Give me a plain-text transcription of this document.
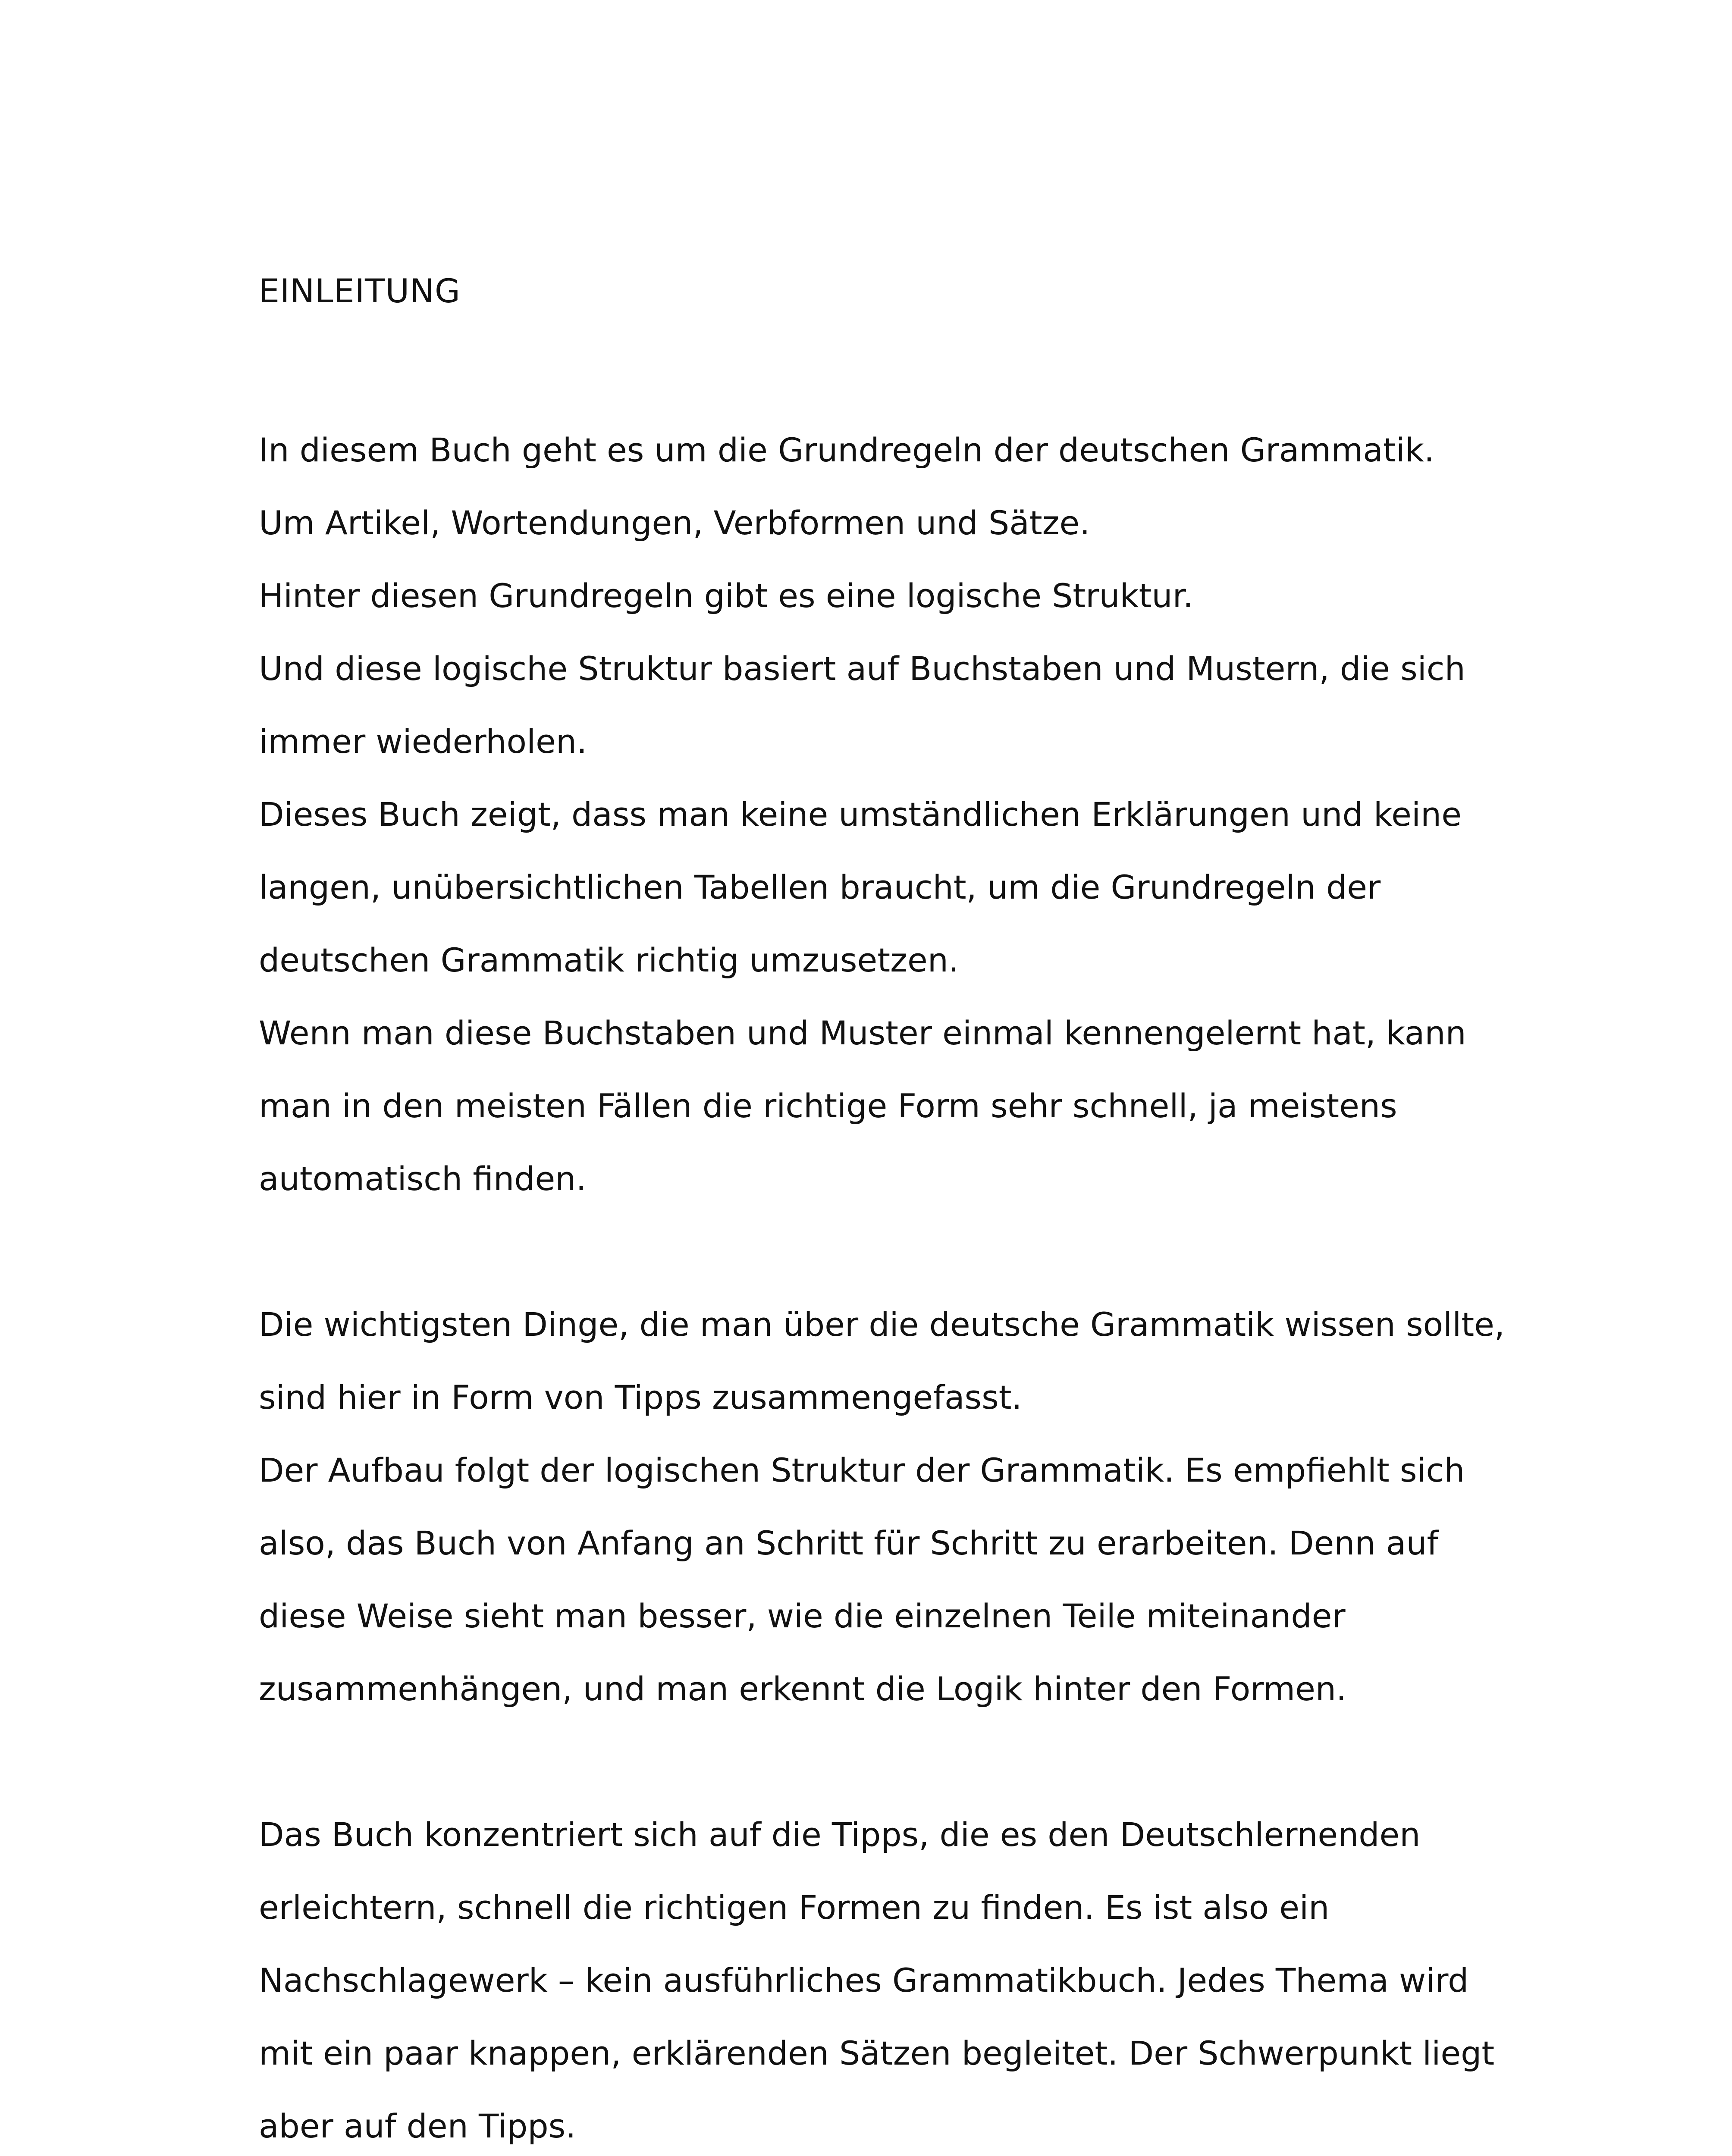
EINLEITUNG
In diesem Buch geht es um die Grundregeln der deutschen Grammatik.
Um Artikel, Wortendungen, Verbformen und Sätze.
Hinter diesen Grundregeln gibt es eine logische Struktur.
Und diese logische Struktur basiert auf Buchstaben und Mustern, die sich
immer wiederholen.
Dieses Buch zeigt, dass man keine umständlichen Erklärungen und keine
langen, unübersichtlichen Tabellen braucht, um die Grundregeln der
deutschen Grammatik richtig umzusetzen.
Wenn man diese Buchstaben und Muster einmal kennengelernt hat, kann
man in den meisten Fällen die richtige Form sehr schnell, ja meistens
automatisch finden.
Die wichtigsten Dinge, die man über die deutsche Grammatik wissen sollte,
sind hier in Form von Tipps zusammengefasst.
Der Aufbau folgt der logischen Struktur der Grammatik. Es empfiehlt sich
also, das Buch von Anfang an Schritt für Schritt zu erarbeiten. Denn auf
diese Weise sieht man besser, wie die einzelnen Teile miteinander
zusammenhängen, und man erkennt die Logik hinter den Formen.
Das Buch konzentriert sich auf die Tipps, die es den Deutschlernenden
erleichtern, schnell die richtigen Formen zu finden. Es ist also ein
Nachschlagewerk – kein ausführliches Grammatikbuch. Jedes Thema wird
mit ein paar knappen, erklärenden Sätzen begleitet. Der Schwerpunkt liegt
aber auf den Tipps.
